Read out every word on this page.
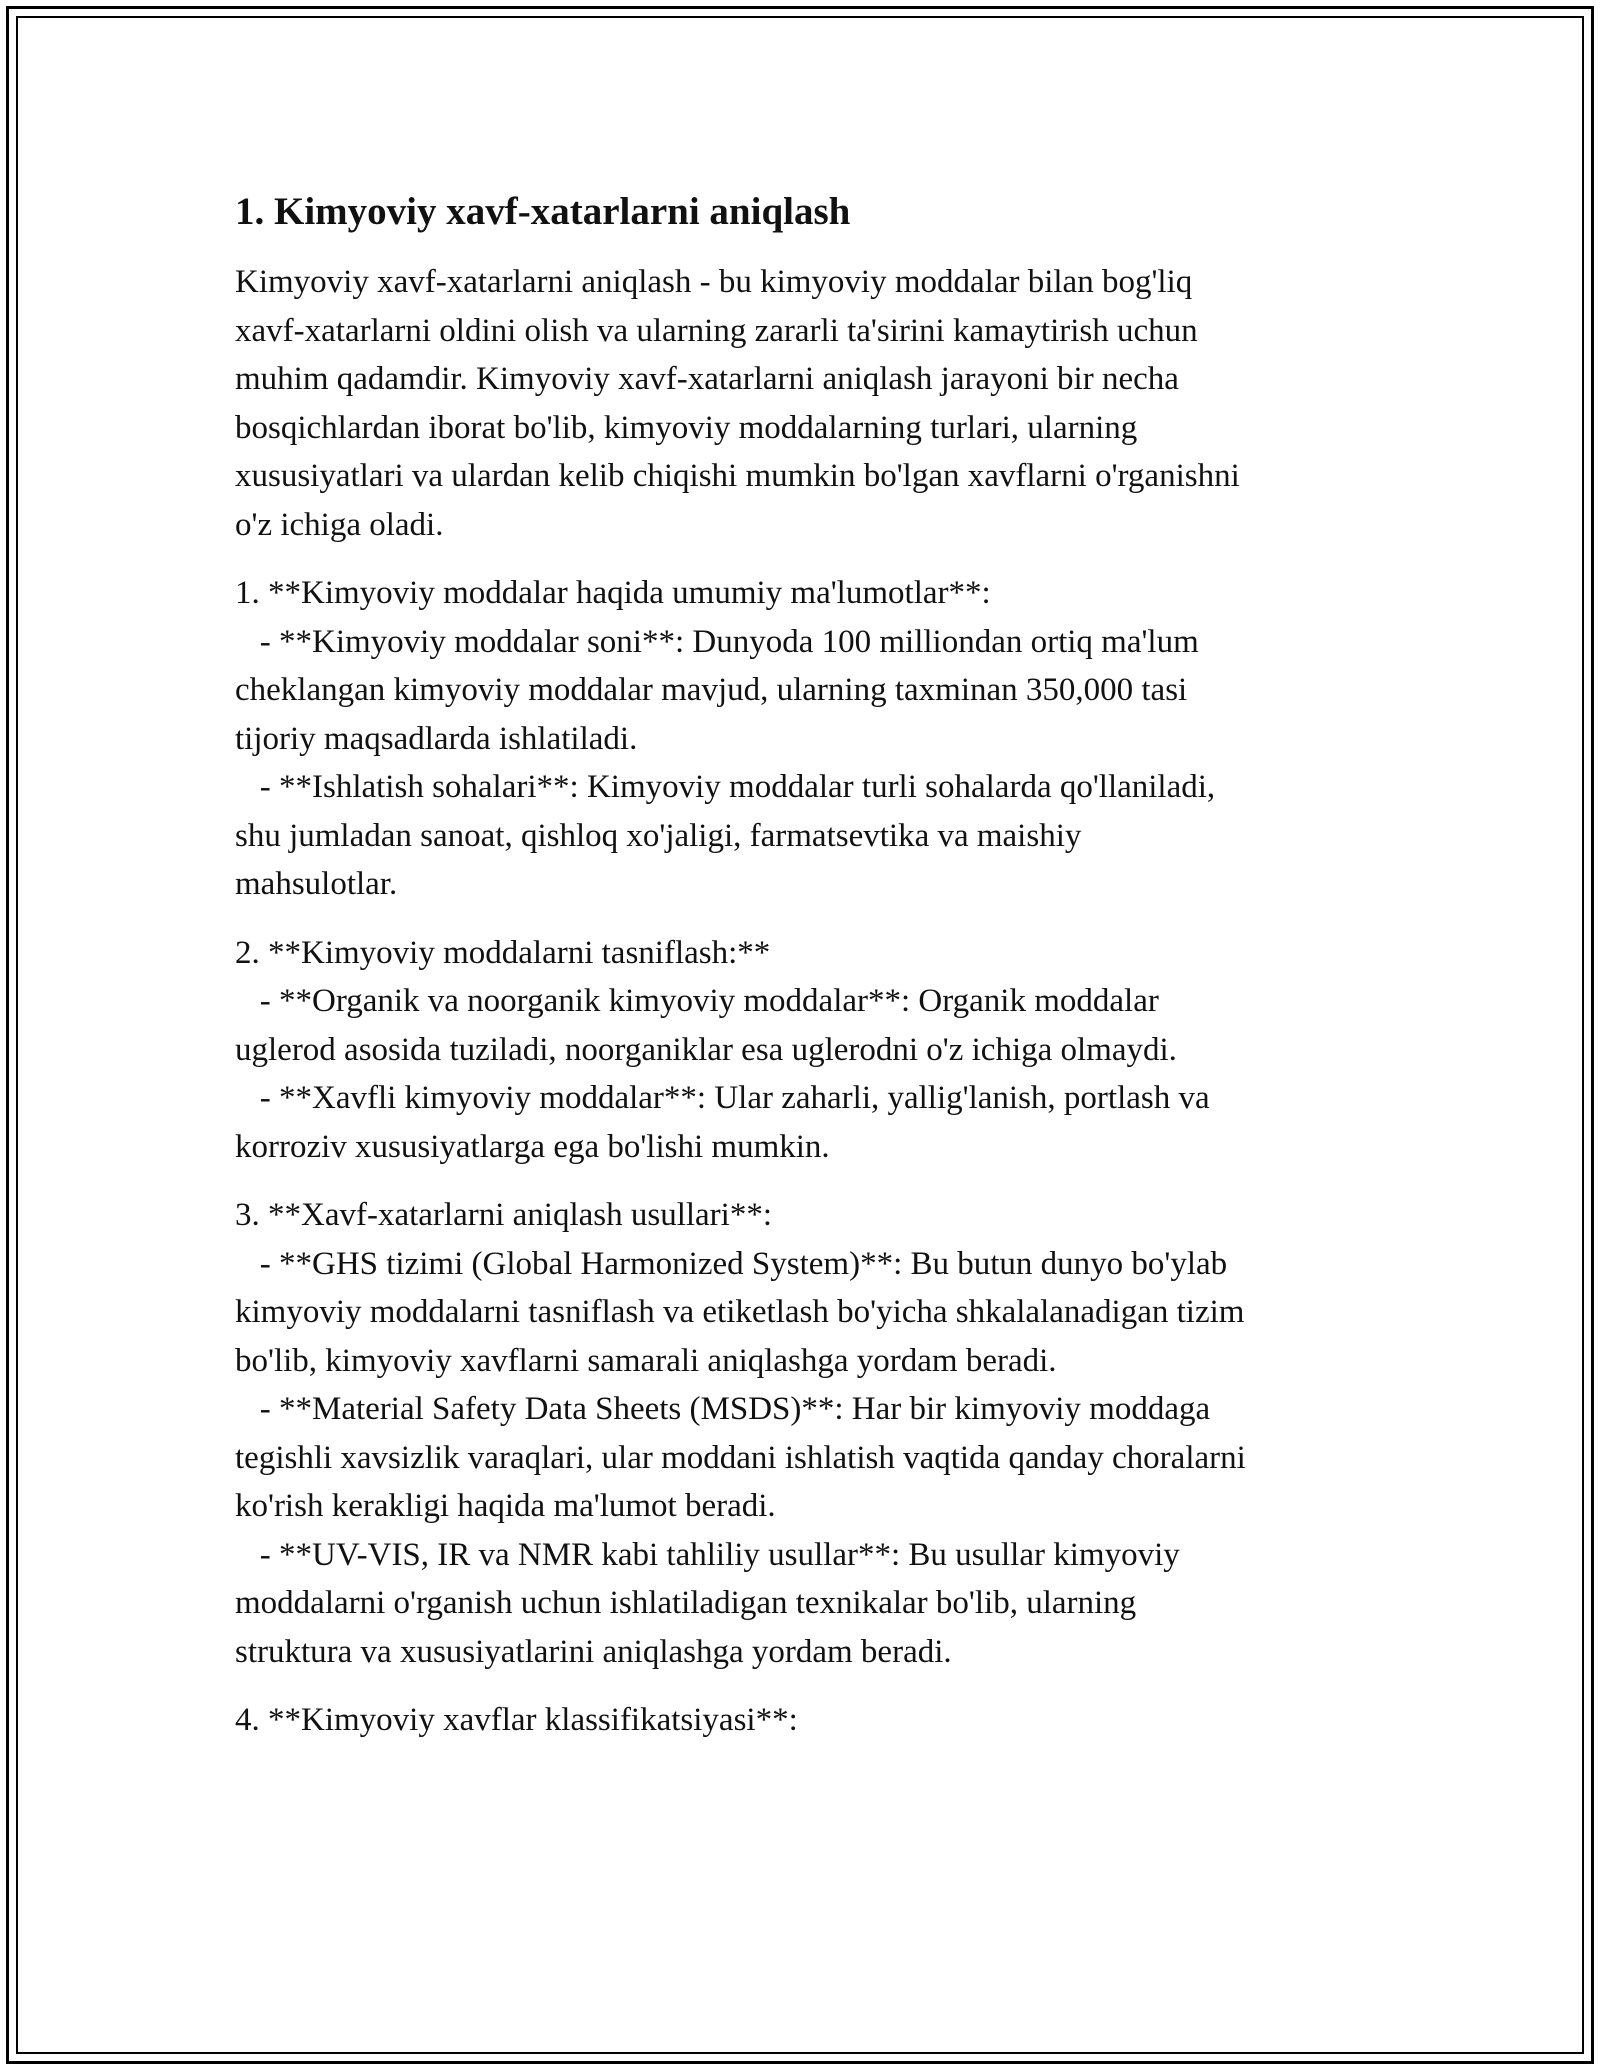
1. Kimyoviy xavf-xatarlarni aniqlash
Kimyoviy xavf-xatarlarni aniqlash - bu kimyoviy moddalar bilan bog'liq
xavf-xatarlarni oldini olish va ularning zararli ta'sirini kamaytirish uchun
muhim qadamdir. Kimyoviy xavf-xatarlarni aniqlash jarayoni bir necha
bosqichlardan iborat bo'lib, kimyoviy moddalarning turlari, ularning
xususiyatlari va ulardan kelib chiqishi mumkin bo'lgan xavflarni o'rganishni
o'z ichiga oladi.
1. **Kimyoviy moddalar haqida umumiy ma'lumotlar**:
- **Kimyoviy moddalar soni**: Dunyoda 100 milliondan ortiq ma'lum
cheklangan kimyoviy moddalar mavjud, ularning taxminan 350,000 tasi
tijoriy maqsadlarda ishlatiladi.
- **Ishlatish sohalari**: Kimyoviy moddalar turli sohalarda qo'llaniladi,
shu jumladan sanoat, qishloq xo'jaligi, farmatsevtika va maishiy
mahsulotlar.
2. **Kimyoviy moddalarni tasniflash:**
- **Organik va noorganik kimyoviy moddalar**: Organik moddalar
uglerod asosida tuziladi, noorganiklar esa uglerodni o'z ichiga olmaydi.
- **Xavfli kimyoviy moddalar**: Ular zaharli, yallig'lanish, portlash va
korroziv xususiyatlarga ega bo'lishi mumkin.
3. **Xavf-xatarlarni aniqlash usullari**:
- **GHS tizimi (Global Harmonized System)**: Bu butun dunyo bo'ylab
kimyoviy moddalarni tasniflash va etiketlash bo'yicha shkalalanadigan tizim
bo'lib, kimyoviy xavflarni samarali aniqlashga yordam beradi.
- **Material Safety Data Sheets (MSDS)**: Har bir kimyoviy moddaga
tegishli xavsizlik varaqlari, ular moddani ishlatish vaqtida qanday choralarni
ko'rish kerakligi haqida ma'lumot beradi.
- **UV-VIS, IR va NMR kabi tahliliy usullar**: Bu usullar kimyoviy
moddalarni o'rganish uchun ishlatiladigan texnikalar bo'lib, ularning
struktura va xususiyatlarini aniqlashga yordam beradi.
4. **Kimyoviy xavflar klassifikatsiyasi**:
